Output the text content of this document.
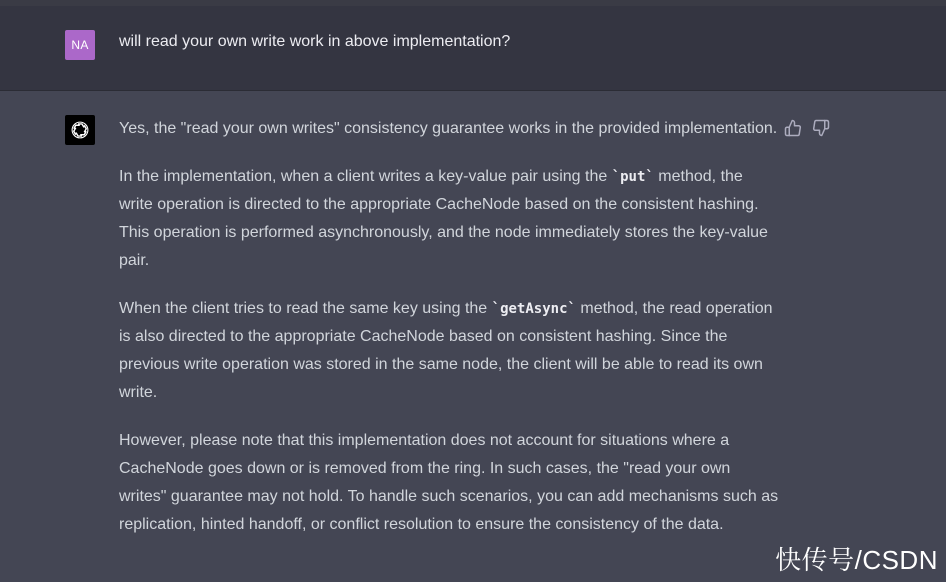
NA	will read your own write work in above implementation?

Yes, the "read your own writes" consistency guarantee works in the provided implementation.

In the implementation, when a client writes a key-value pair using the `put` method, the write operation is directed to the appropriate CacheNode based on the consistent hashing. This operation is performed asynchronously, and the node immediately stores the key-value pair.

When the client tries to read the same key using the `getAsync` method, the read operation is also directed to the appropriate CacheNode based on consistent hashing. Since the previous write operation was stored in the same node, the client will be able to read its own write.

However, please note that this implementation does not account for situations where a CacheNode goes down or is removed from the ring. In such cases, the "read your own writes" guarantee may not hold. To handle such scenarios, you can add mechanisms such as replication, hinted handoff, or conflict resolution to ensure the consistency of the data.

快传号/CSDN
